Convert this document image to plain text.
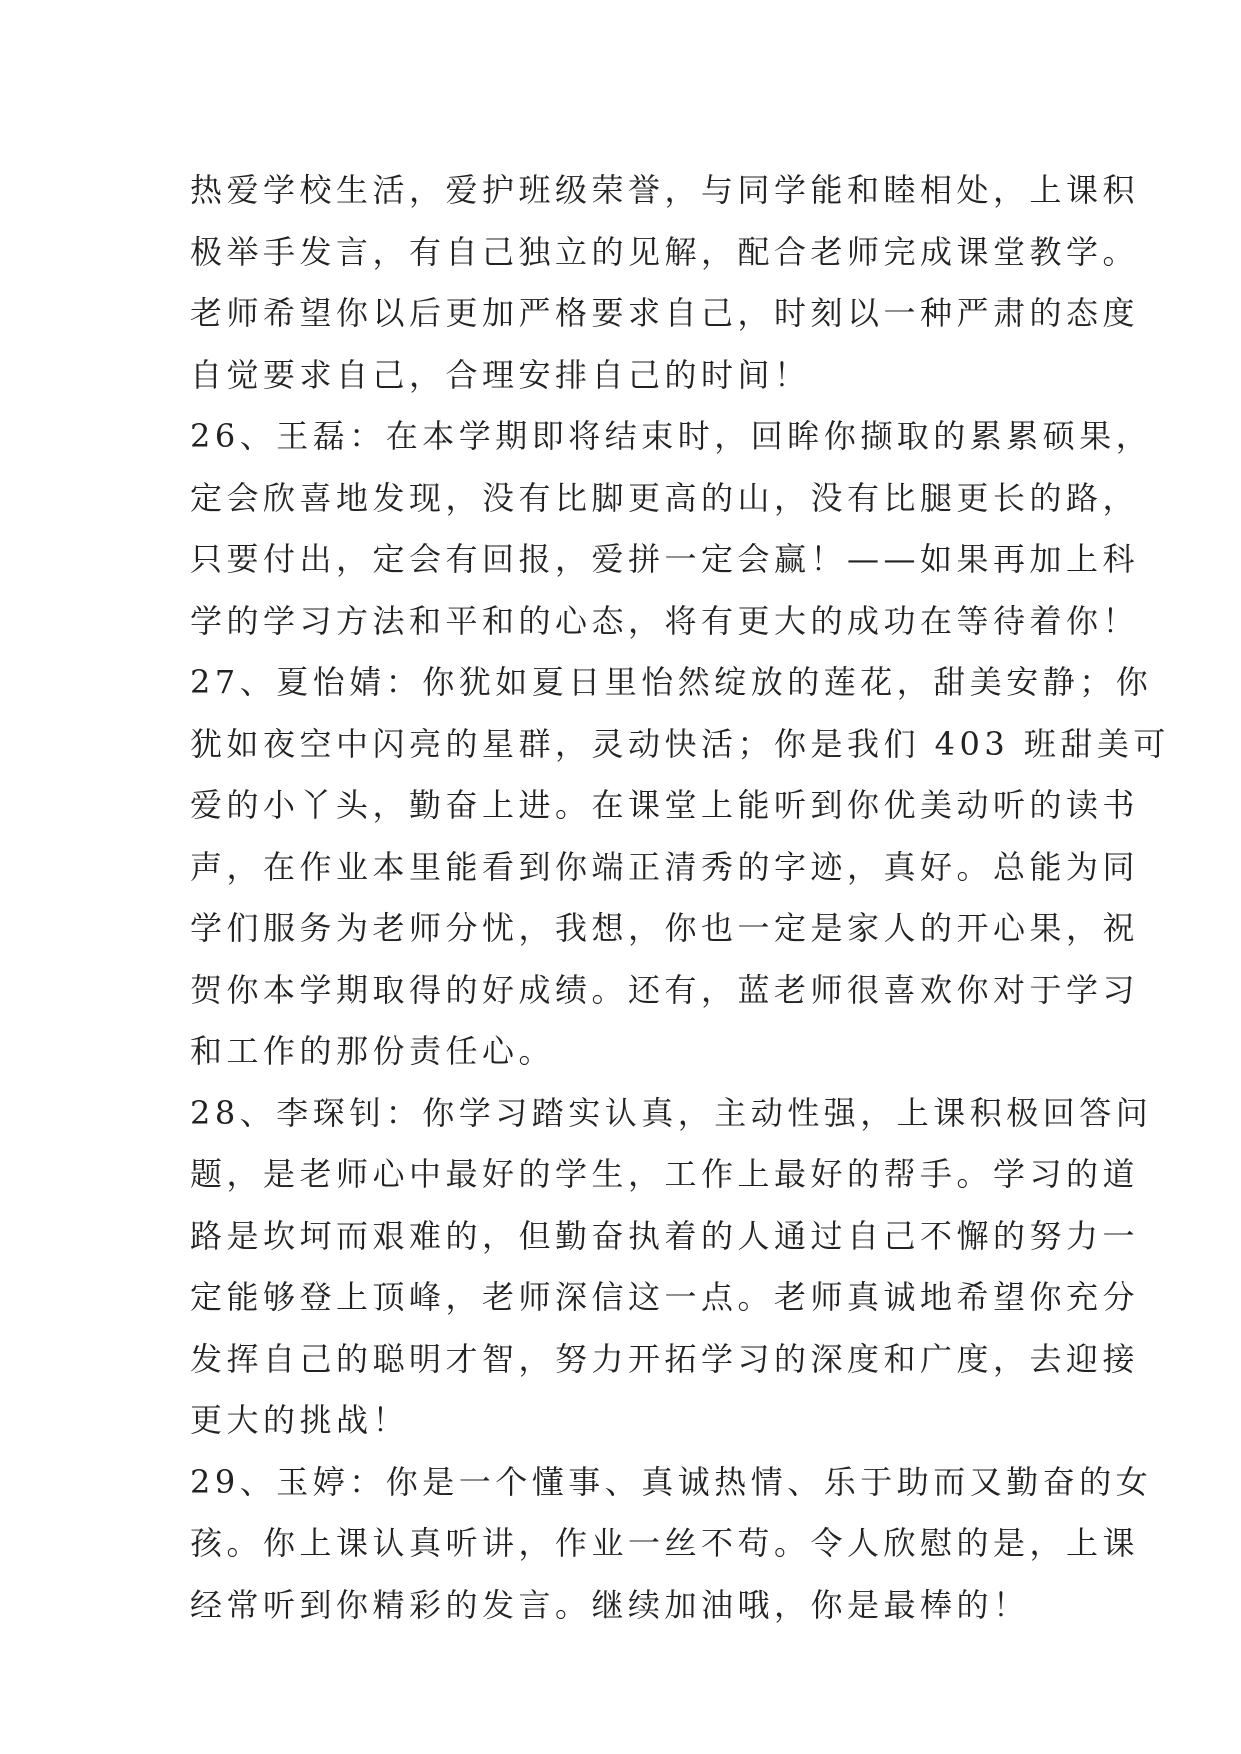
热爱学校生活，爱护班级荣誉，与同学能和睦相处，上课积
极举手发言，有自己独立的见解，配合老师完成课堂教学。
老师希望你以后更加严格要求自己，时刻以一种严肃的态度
自觉要求自己，合理安排自己的时间！
26、王磊：在本学期即将结束时，回眸你撷取的累累硕果，
定会欣喜地发现，没有比脚更高的山，没有比腿更长的路，
只要付出，定会有回报，爱拼一定会赢！——如果再加上科
学的学习方法和平和的心态，将有更大的成功在等待着你！
27、夏怡婧：你犹如夏日里怡然绽放的莲花，甜美安静；你
犹如夜空中闪亮的星群，灵动快活；你是我们 403 班甜美可
爱的小丫头，勤奋上进。在课堂上能听到你优美动听的读书
声，在作业本里能看到你端正清秀的字迹，真好。总能为同
学们服务为老师分忧，我想，你也一定是家人的开心果，祝
贺你本学期取得的好成绩。还有，蓝老师很喜欢你对于学习
和工作的那份责任心。
28、李琛钊：你学习踏实认真，主动性强，上课积极回答问
题，是老师心中最好的学生，工作上最好的帮手。学习的道
路是坎坷而艰难的，但勤奋执着的人通过自己不懈的努力一
定能够登上顶峰，老师深信这一点。老师真诚地希望你充分
发挥自己的聪明才智，努力开拓学习的深度和广度，去迎接
更大的挑战！
29、玉婷：你是一个懂事、真诚热情、乐于助而又勤奋的女
孩。你上课认真听讲，作业一丝不苟。令人欣慰的是，上课
经常听到你精彩的发言。继续加油哦，你是最棒的！
